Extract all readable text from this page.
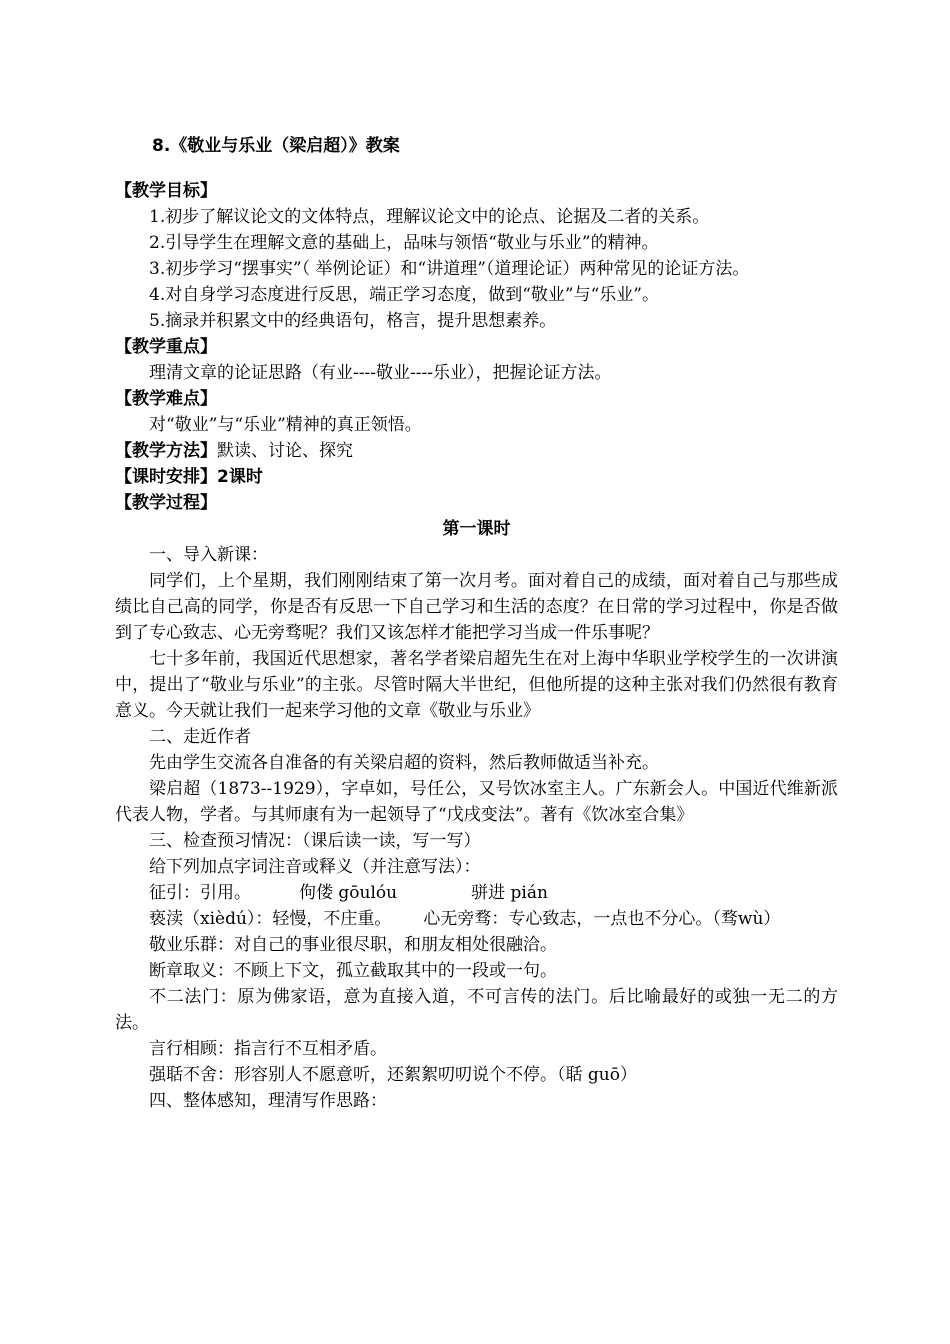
8.《敬业与乐业（梁启超）》教案

【教学目标】

1.初步了解议论文的文体特点，理解议论文中的论点、论据及二者的关系。

2.引导学生在理解文意的基础上，品味与领悟“敬业与乐业”的精神。

3.初步学习“摆事实”（ 举例论证）和“讲道理”（道理论证）两种常见的论证方法。

4.对自身学习态度进行反思，端正学习态度，做到“敬业”与“乐业”。

5.摘录并积累文中的经典语句，格言，提升思想素养。

【教学重点】

理清文章的论证思路（有业----敬业----乐业），把握论证方法。

【教学难点】

对“敬业”与“乐业”精神的真正领悟。

【教学方法】默读、讨论、探究

【课时安排】2课时

【教学过程】

第一课时

一、导入新课：

同学们，上个星期，我们刚刚结束了第一次月考。面对着自己的成绩，面对着自己与那些成绩比自己高的同学，你是否有反思一下自己学习和生活的态度？在日常的学习过程中，你是否做到了专心致志、心无旁骛呢？我们又该怎样才能把学习当成一件乐事呢？

七十多年前，我国近代思想家，著名学者梁启超先生在对上海中华职业学校学生的一次讲演中，提出了“敬业与乐业”的主张。尽管时隔大半世纪，但他所提的这种主张对我们仍然很有教育意义。今天就让我们一起来学习他的文章《敬业与乐业》

二、走近作者

先由学生交流各自准备的有关梁启超的资料，然后教师做适当补充。

梁启超（1873--1929），字卓如，号任公，又号饮冰室主人。广东新会人。中国近代维新派代表人物，学者。与其师康有为一起领导了“戊戌变法”。著有《饮冰室合集》

三、检查预习情况：（课后读一读，写一写）

给下列加点字词注音或释义（并注意写法）：

征引：引用。	佝偻 gōulóu	骈进 pián

亵渎（xièdú）：轻慢，不庄重。 心无旁骛：专心致志，一点也不分心。（骛wù）

敬业乐群：对自己的事业很尽职，和朋友相处很融洽。

断章取义：不顾上下文，孤立截取其中的一段或一句。

不二法门：原为佛家语，意为直接入道，不可言传的法门。后比喻最好的或独一无二的方法。

言行相顾：指言行不互相矛盾。

强聒不舍：形容别人不愿意听，还絮絮叨叨说个不停。（聒 guō）

四、整体感知，理清写作思路：
